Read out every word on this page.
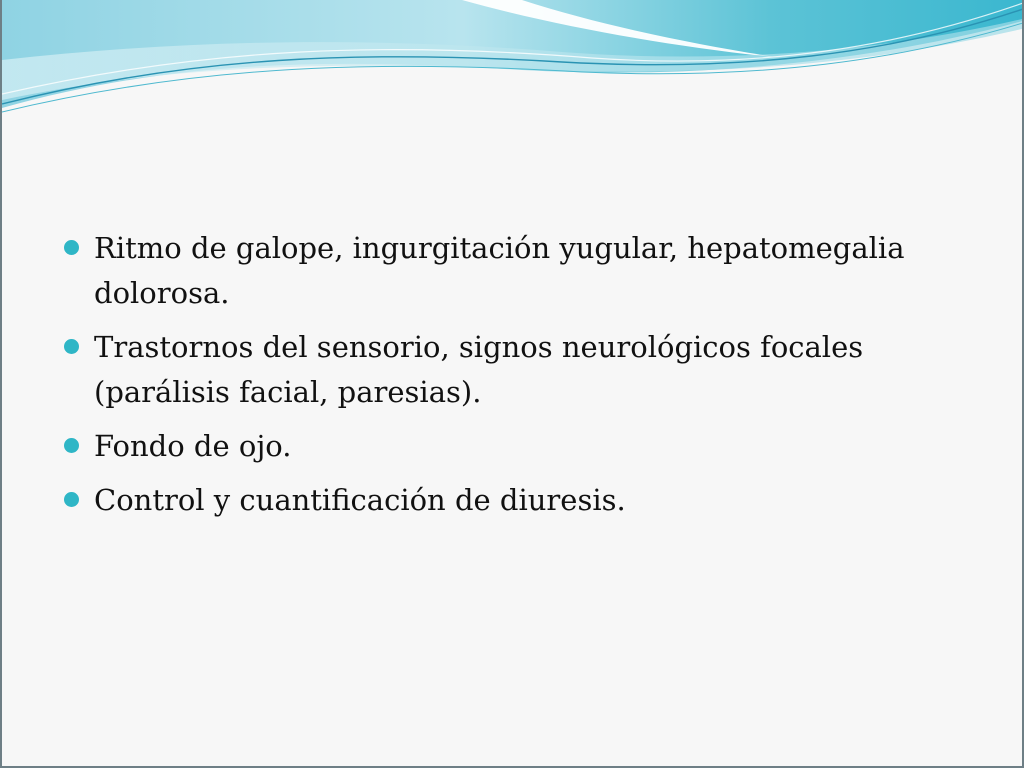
Ritmo de galope, ingurgitación yugular, hepatomegalia dolorosa.
Trastornos del sensorio, signos neurológicos focales (parálisis facial, paresias).
Fondo de ojo.
Control y cuantificación de diuresis.
